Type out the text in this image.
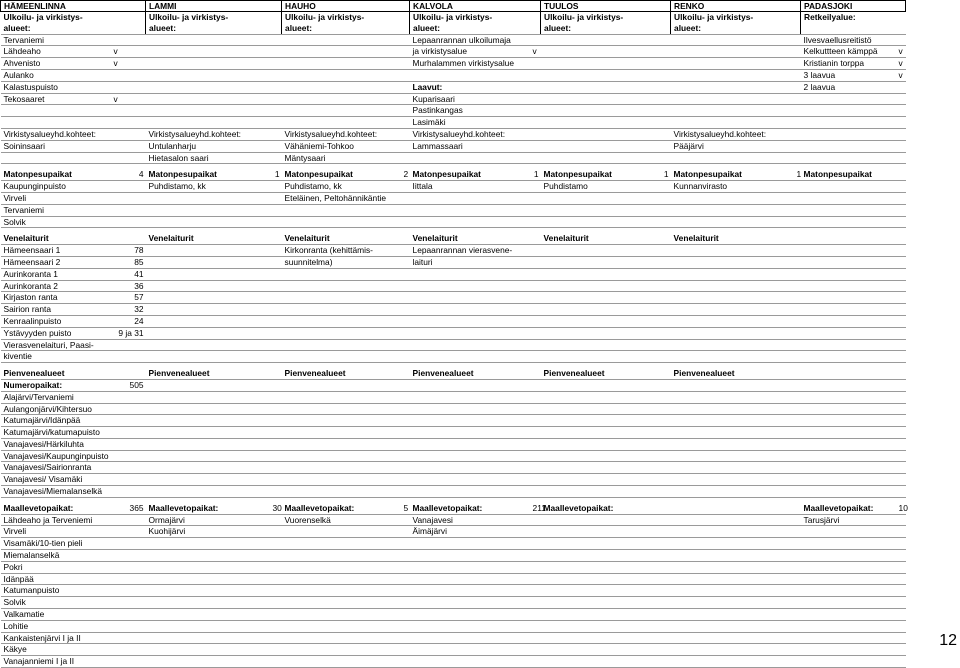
HÄMEENLINNA		LAMMI		HAUHO		KALVOLA		TUULOS		RENKO		PADASJOKI	
Ulkoilu- ja virkistys-		Ulkoilu- ja virkistys-		Ulkoilu- ja virkistys-		Ulkoilu- ja virkistys-		Ulkoilu- ja virkistys-		Ulkoilu- ja virkistys-		Retkeilyalue:	
alueet:		alueet:		alueet:		alueet:		alueet:		alueet:			
Tervaniemi						Lepaanrannan ulkoilumaja						Ilvesvaellusreitistö	
Lähdeaho	v					ja virkistysalue	v					Kelkuttteen kämppä	v
Ahvenisto	v					Murhalammen virkistysalue						Kristianin torppa	v
Aulanko												3 laavua	v
Kalastuspuisto						Laavut:						2 laavua	
Tekosaaret	v					Kuparisaari							
						Pastinkangas							
						Lasimäki							
Virkistysalueyhd.kohteet:		Virkistysalueyhd.kohteet:		Virkistysalueyhd.kohteet:		Virkistysalueyhd.kohteet:				Virkistysalueyhd.kohteet:			
Soininsaari		Untulanharju		Vähäniemi-Tohkoo		Lammassaari				Pääjärvi			
		Hietasalon saari		Mäntysaari									

Matonpesupaikat	4	Matonpesupaikat	1	Matonpesupaikat	2	Matonpesupaikat	1	Matonpesupaikat	1	Matonpesupaikat	1	Matonpesupaikat	
Kaupunginpuisto		Puhdistamo, kk		Puhdistamo, kk		Iittala		Puhdistamo		Kunnanvirasto			
Virveli				Eteläinen, Peltohännikäntie									
Tervaniemi													
Solvik													

Venelaiturit		Venelaiturit		Venelaiturit		Venelaiturit		Venelaiturit		Venelaiturit			
Hämeensaari 1	78			Kirkonranta (kehittämis-		Lepaanrannan vierasvene-							
Hämeensaari 2	85			suunnitelma)		laituri							
Aurinkoranta 1	41												
Aurinkoranta 2	36												
Kirjaston ranta	57												
Sairion ranta	32												
Kenraalinpuisto	24												
Ystävyyden puisto	9 ja 31												
Vierasvenelaituri, Paasi-													
kiventie													

Pienvenealueet		Pienvenealueet		Pienvenealueet		Pienvenealueet		Pienvenealueet		Pienvenealueet			
Numeropaikat:	505												
Alajärvi/Tervaniemi													
Aulangonjärvi/Kihtersuo													
Katumajärvi/Idänpää													
Katumajärvi/katumapuisto													
Vanajavesi/Härkiluhta													
Vanajavesi/Kaupunginpuisto													
Vanajavesi/Sairionranta													
Vanajavesi/ Visamäki													
Vanajavesi/Miemalanselkä													

Maallevetopaikat:	365	Maallevetopaikat:	30	Maallevetopaikat:	5	Maallevetopaikat:	211	Maallevetopaikat:				Maallevetopaikat:	10
Lähdeaho ja Terveniemi		Ormajärvi		Vuorenselkä		Vanajavesi						Tarusjärvi	
Virveli		Kuohijärvi				Äimäjärvi							
Visamäki/10-tien pieli													
Miemalanselkä													
Pokri													
Idänpää													
Katumanpuisto													
Solvik													
Valkamatie													
Lohitie													
Kankaistenjärvi I ja II													
Käkye													
Vanajanniemi I ja II													
12
